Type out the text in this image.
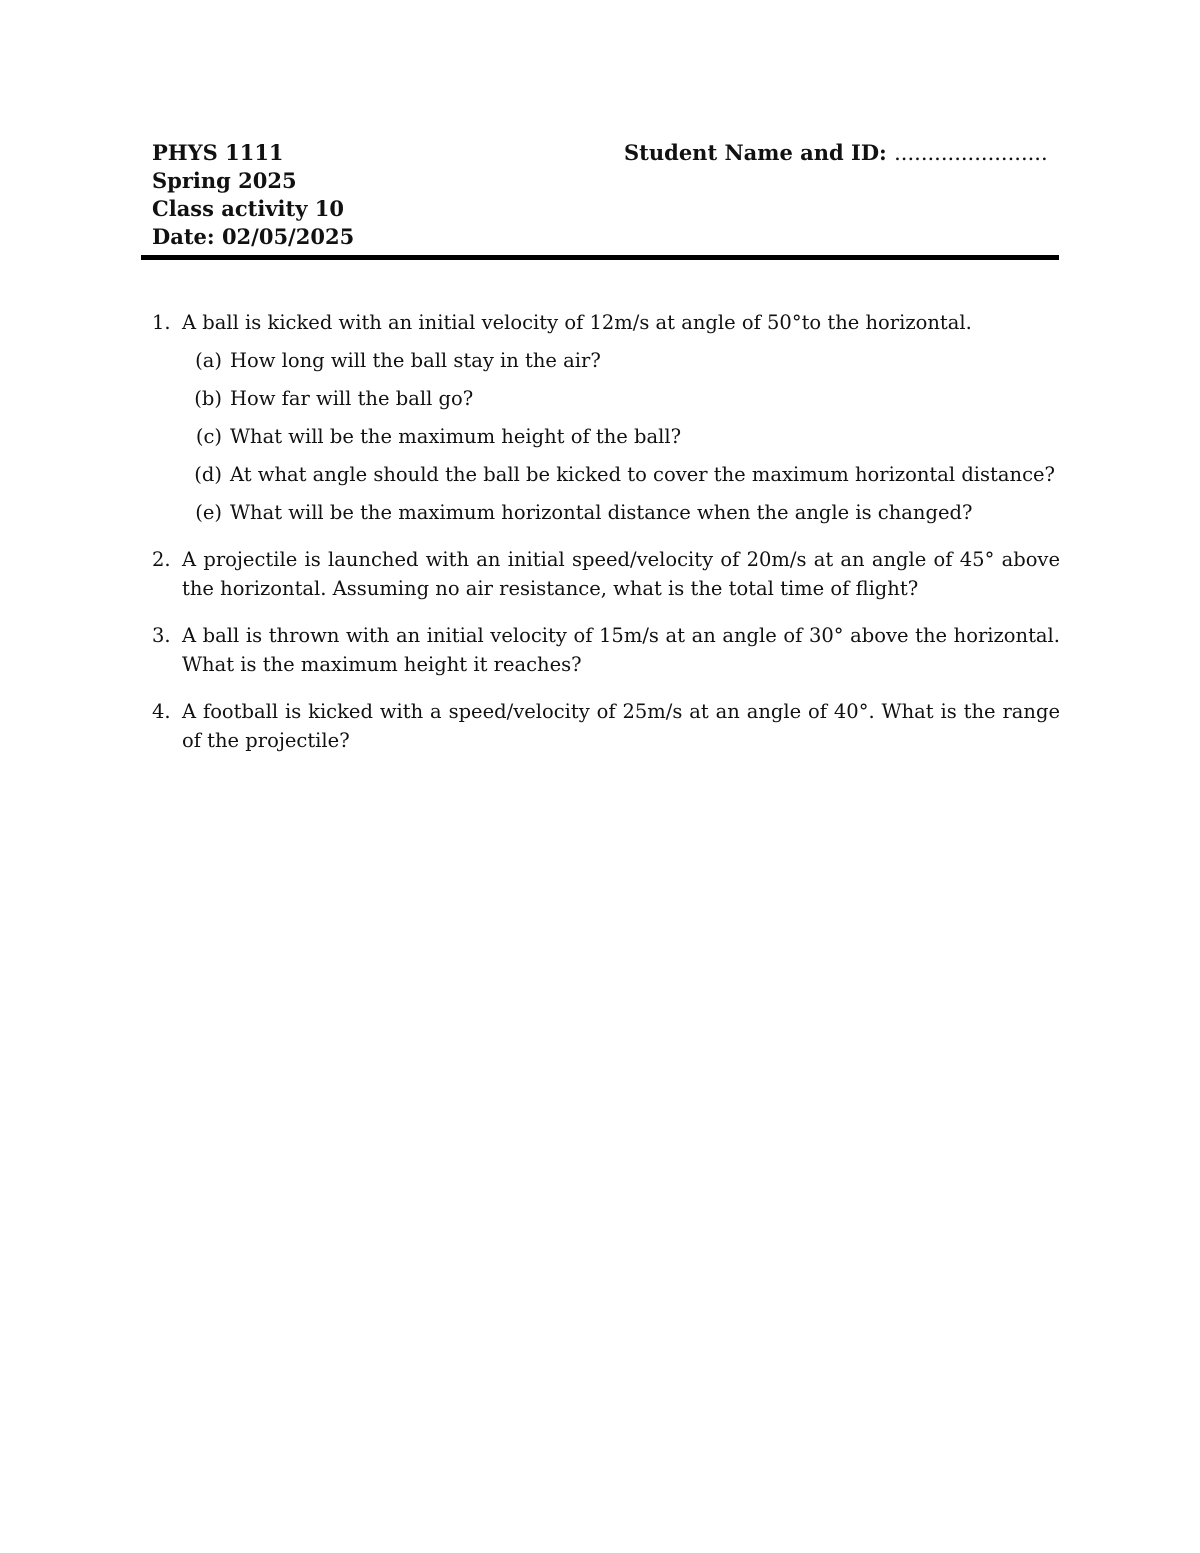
PHYS 1111
Spring 2025
Class activity 10
Date: 02/05/2025
Student Name and ID: .......................
1. A ball is kicked with an initial velocity of 12m/s at angle of 50°to the horizontal.
(a) How long will the ball stay in the air?
(b) How far will the ball go?
(c) What will be the maximum height of the ball?
(d) At what angle should the ball be kicked to cover the maximum horizontal distance?
(e) What will be the maximum horizontal distance when the angle is changed?
2. A projectile is launched with an initial speed/velocity of 20m/s at an angle of 45° above the horizontal. Assuming no air resistance, what is the total time of flight?
3. A ball is thrown with an initial velocity of 15m/s at an angle of 30° above the horizontal. What is the maximum height it reaches?
4. A football is kicked with a speed/velocity of 25m/s at an angle of 40°. What is the range of the projectile?
